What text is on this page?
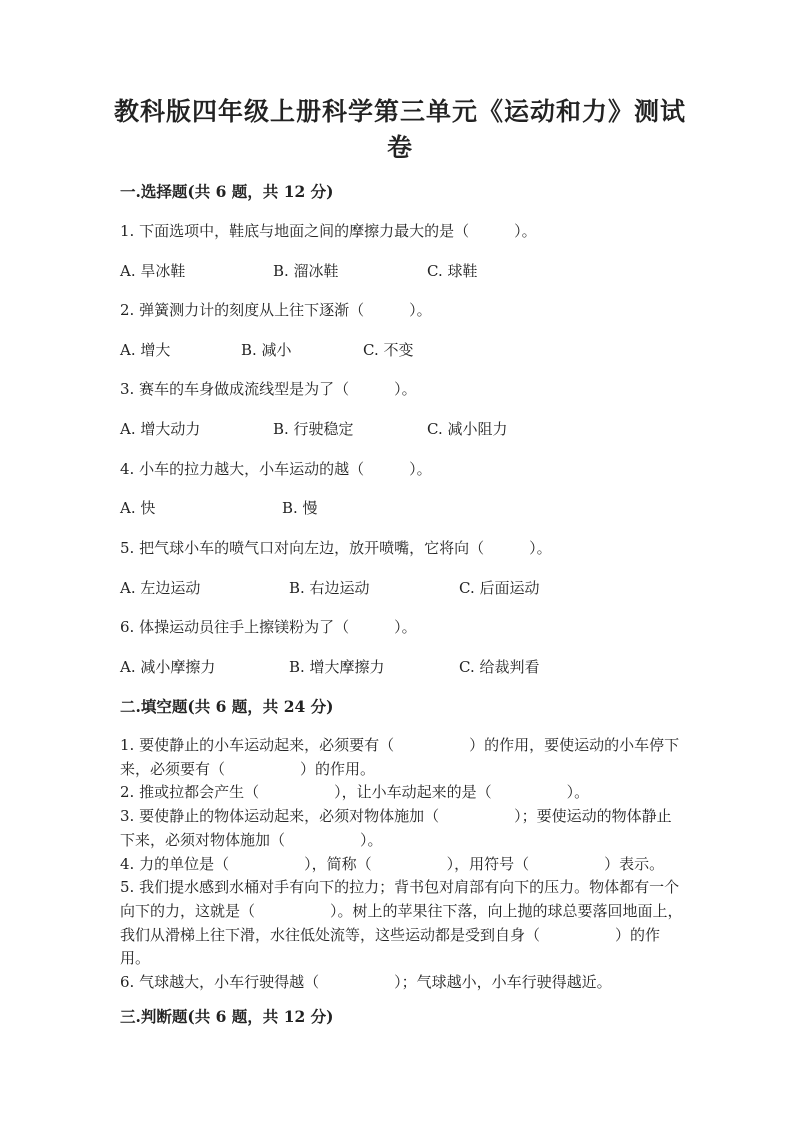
教科版四年级上册科学第三单元《运动和力》测试卷
一.选择题(共 6 题，共 12 分)
1. 下面选项中，鞋底与地面之间的摩擦力最大的是（　　　）。
A. 旱冰鞋	B. 溜冰鞋	C. 球鞋
2. 弹簧测力计的刻度从上往下逐渐（　　　）。
A. 增大	B. 减小	C. 不变
3. 赛车的车身做成流线型是为了（　　　）。
A. 增大动力	B. 行驶稳定	C. 减小阻力
4. 小车的拉力越大，小车运动的越（　　　）。
A. 快	B. 慢
5. 把气球小车的喷气口对向左边，放开喷嘴，它将向（　　　）。
A. 左边运动	B. 右边运动	C. 后面运动
6. 体操运动员往手上擦镁粉为了（　　　）。
A. 减小摩擦力	B. 增大摩擦力	C. 给裁判看
二.填空题(共 6 题，共 24 分)
1. 要使静止的小车运动起来，必须要有（　　　　　）的作用，要使运动的小车停下来，必须要有（　　　　　）的作用。
2. 推或拉都会产生（　　　　　），让小车动起来的是（　　　　　）。
3. 要使静止的物体运动起来，必须对物体施加（　　　　　）；要使运动的物体静止下来，必须对物体施加（　　　　　）。
4. 力的单位是（　　　　　），简称（　　　　　），用符号（　　　　　）表示。
5. 我们提水感到水桶对手有向下的拉力；背书包对肩部有向下的压力。物体都有一个向下的力，这就是（　　　　　）。树上的苹果往下落，向上抛的球总要落回地面上，我们从滑梯上往下滑，水往低处流等，这些运动都是受到自身（　　　　　）的作用。
6. 气球越大，小车行驶得越（　　　　　）；气球越小，小车行驶得越近。
三.判断题(共 6 题，共 12 分)
